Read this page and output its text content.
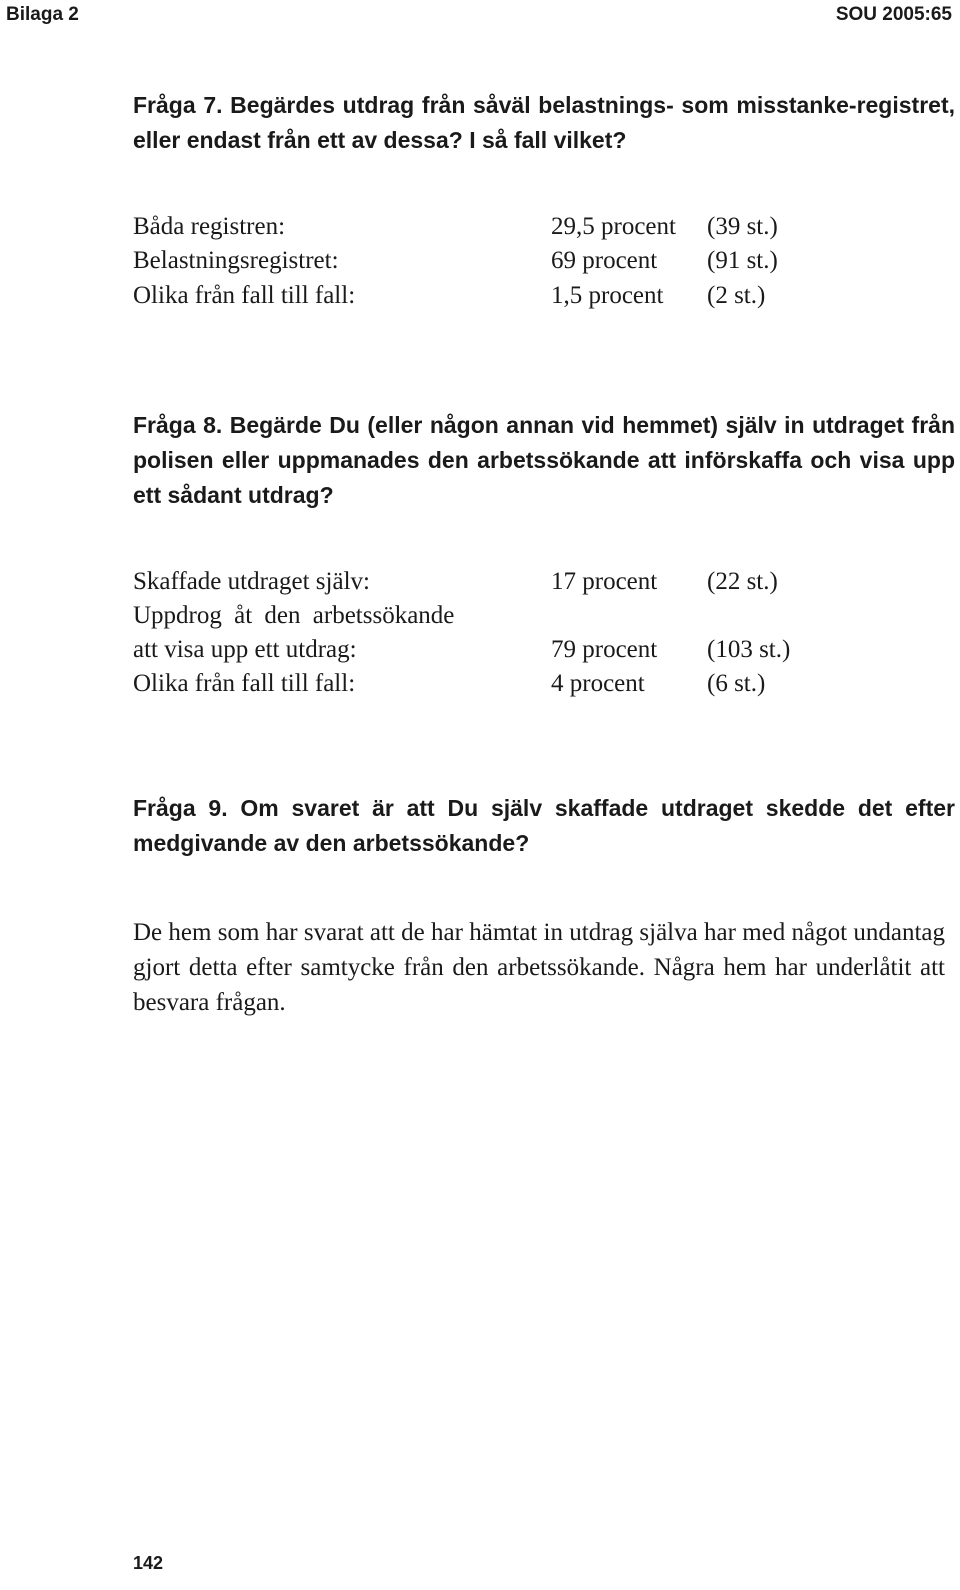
Bilaga 2	SOU 2005:65
Fråga 7. Begärdes utdrag från såväl belastnings- som misstanke-registret, eller endast från ett av dessa? I så fall vilket?
Båda registren:	29,5 procent (39 st.)
Belastningsregistret:	69 procent (91 st.)
Olika från fall till fall:	1,5 procent (2 st.)
Fråga 8. Begärde Du (eller någon annan vid hemmet) själv in utdraget från polisen eller uppmanades den arbetssökande att införskaffa och visa upp ett sådant utdrag?
Skaffade utdraget själv:	17 procent (22 st.)
Uppdrog åt den arbetssökande
att visa upp ett utdrag:	79 procent (103 st.)
Olika från fall till fall:	4 procent (6 st.)
Fråga 9. Om svaret är att Du själv skaffade utdraget skedde det efter medgivande av den arbetssökande?
De hem som har svarat att de har hämtat in utdrag själva har med något undantag gjort detta efter samtycke från den arbetssökande. Några hem har underlåtit att besvara frågan.
142
